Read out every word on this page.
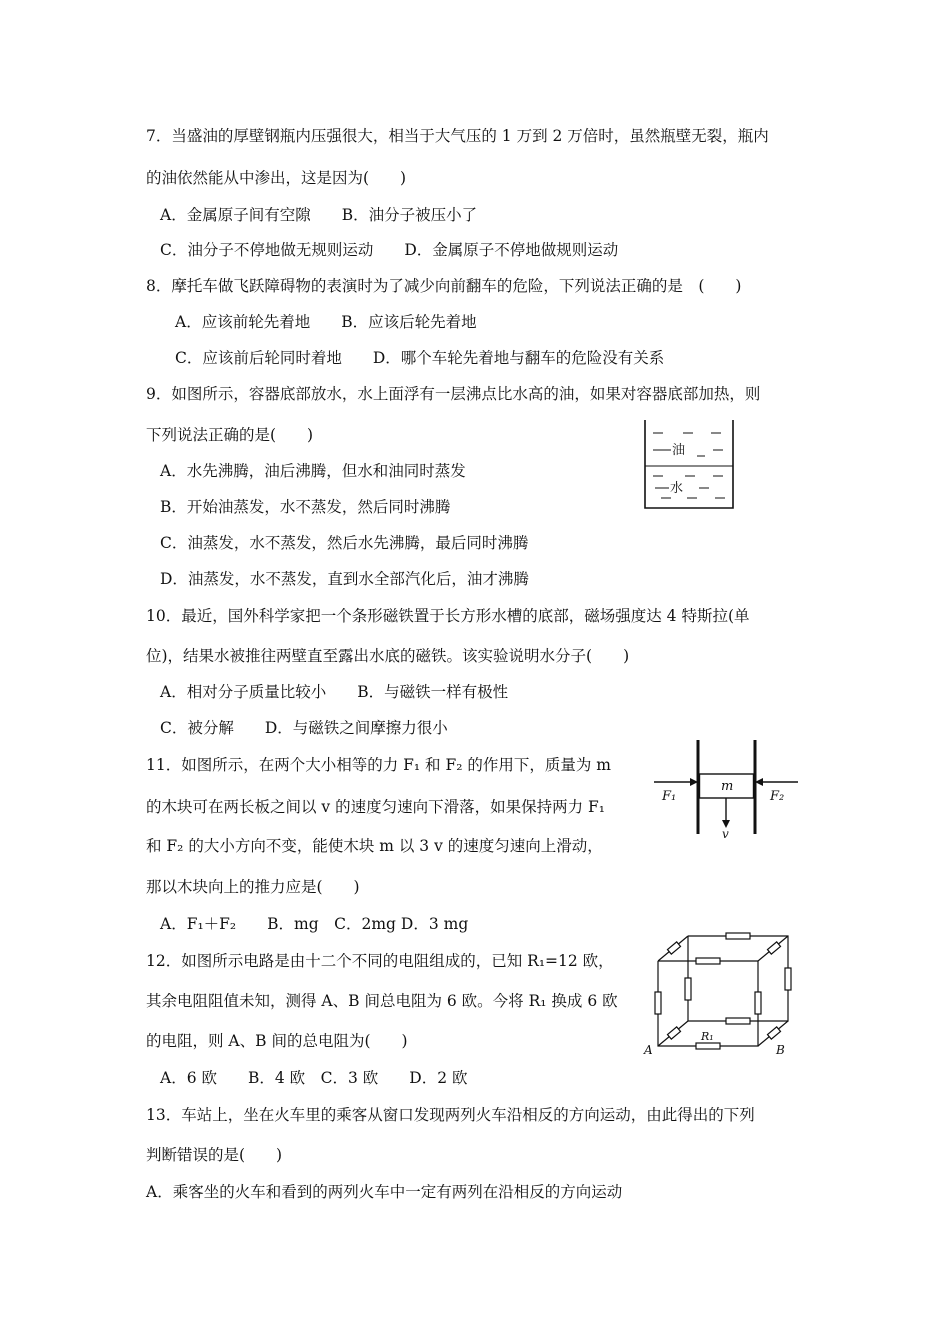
7．当盛油的厚壁钢瓶内压强很大，相当于大气压的 1 万到 2 万倍时，虽然瓶壁无裂，瓶内
的油依然能从中渗出，这是因为(　　)
A．金属原子间有空隙　　B．油分子被压小了
C．油分子不停地做无规则运动　　D．金属原子不停地做规则运动
8．摩托车做飞跃障碍物的表演时为了减少向前翻车的危险，下列说法正确的是　(　　)
A．应该前轮先着地　　B．应该后轮先着地
C．应该前后轮同时着地　　D．哪个车轮先着地与翻车的危险没有关系
9．如图所示，容器底部放水，水上面浮有一层沸点比水高的油，如果对容器底部加热，则
下列说法正确的是(　　)
A．水先沸腾，油后沸腾，但水和油同时蒸发
B．开始油蒸发，水不蒸发，然后同时沸腾
C．油蒸发，水不蒸发，然后水先沸腾，最后同时沸腾
D．油蒸发，水不蒸发，直到水全部汽化后，油才沸腾
油
水
10．最近，国外科学家把一个条形磁铁置于长方形水槽的底部，磁场强度达 4 特斯拉(单
位)，结果水被推往两壁直至露出水底的磁铁。该实验说明水分子(　　)
A．相对分子质量比较小　　B．与磁铁一样有极性
C．被分解　　D．与磁铁之间摩擦力很小
11．如图所示，在两个大小相等的力 F₁ 和 F₂ 的作用下，质量为 m
的木块可在两长板之间以 v 的速度匀速向下滑落，如果保持两力 F₁
和 F₂ 的大小方向不变，能使木块 m 以 3 v 的速度匀速向上滑动，
那以木块向上的推力应是(　　)
A．F₁＋F₂　　B．mg　C．2mg D．3 mg
m
F₁	F₂
v
12．如图所示电路是由十二个不同的电阻组成的，已知 R₁=12 欧，
其余电阻阻值未知，测得 A、B 间总电阻为 6 欧。今将 R₁ 换成 6 欧
的电阻，则 A、B 间的总电阻为(　　)
A．6 欧　　B．4 欧　C．3 欧　　D．2 欧
A	B
R₁
13．车站上，坐在火车里的乘客从窗口发现两列火车沿相反的方向运动，由此得出的下列
判断错误的是(　　)
A．乘客坐的火车和看到的两列火车中一定有两列在沿相反的方向运动
